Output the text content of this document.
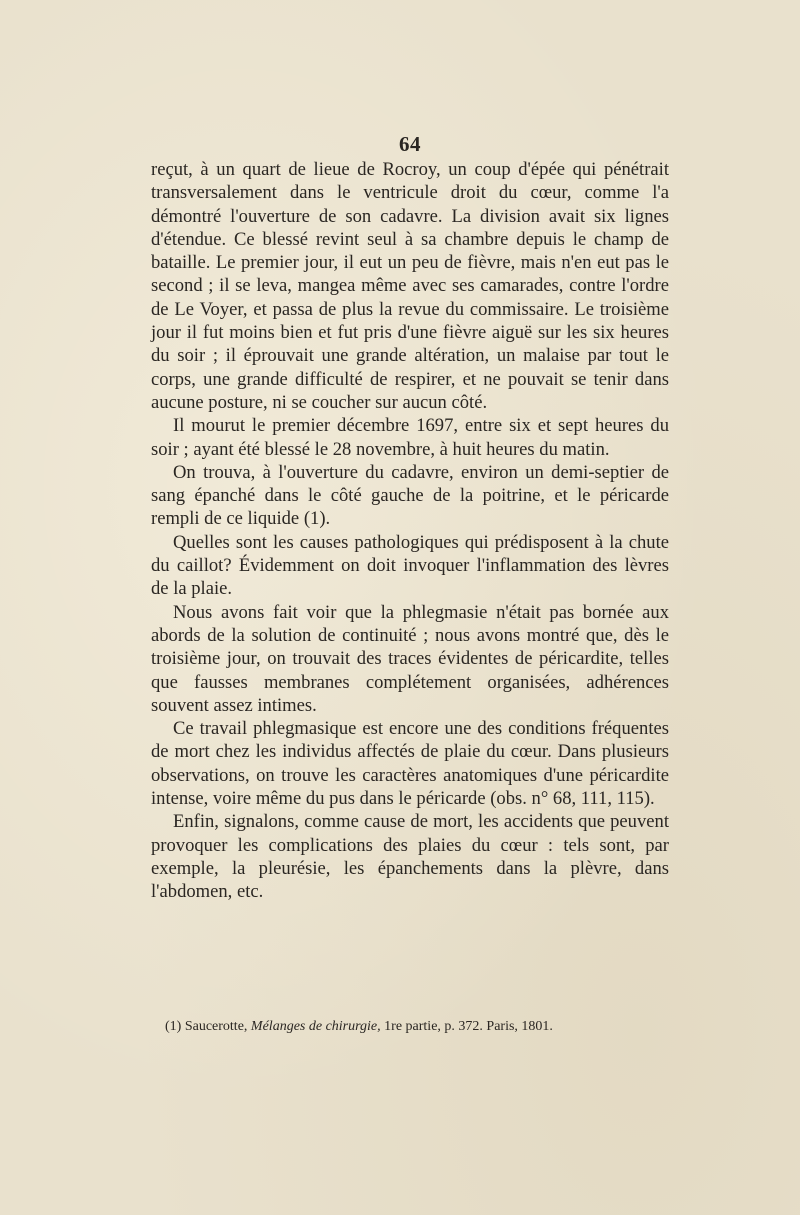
64

reçut, à un quart de lieue de Rocroy, un coup d'épée qui pénétrait transversalement dans le ventricule droit du cœur, comme l'a démontré l'ouverture de son cadavre. La division avait six lignes d'étendue. Ce blessé revint seul à sa chambre depuis le champ de bataille. Le premier jour, il eut un peu de fièvre, mais n'en eut pas le second ; il se leva, mangea même avec ses camarades, contre l'ordre de Le Voyer, et passa de plus la revue du commissaire. Le troisième jour il fut moins bien et fut pris d'une fièvre aiguë sur les six heures du soir ; il éprouvait une grande altération, un malaise par tout le corps, une grande difficulté de respirer, et ne pouvait se tenir dans aucune posture, ni se coucher sur aucun côté.

Il mourut le premier décembre 1697, entre six et sept heures du soir ; ayant été blessé le 28 novembre, à huit heures du matin.

On trouva, à l'ouverture du cadavre, environ un demi-septier de sang épanché dans le côté gauche de la poitrine, et le péricarde rempli de ce liquide (1).

Quelles sont les causes pathologiques qui prédisposent à la chute du caillot? Évidemment on doit invoquer l'inflammation des lèvres de la plaie.

Nous avons fait voir que la phlegmasie n'était pas bornée aux abords de la solution de continuité ; nous avons montré que, dès le troisième jour, on trouvait des traces évidentes de péricardite, telles que fausses membranes complétement organisées, adhérences souvent assez intimes.

Ce travail phlegmasique est encore une des conditions fréquentes de mort chez les individus affectés de plaie du cœur. Dans plusieurs observations, on trouve les caractères anatomiques d'une péricardite intense, voire même du pus dans le péricarde (obs. n° 68, 111, 115).

Enfin, signalons, comme cause de mort, les accidents que peuvent provoquer les complications des plaies du cœur : tels sont, par exemple, la pleurésie, les épanchements dans la plèvre, dans l'abdomen, etc.

(1) Saucerotte, Mélanges de chirurgie, 1re partie, p. 372. Paris, 1801.
